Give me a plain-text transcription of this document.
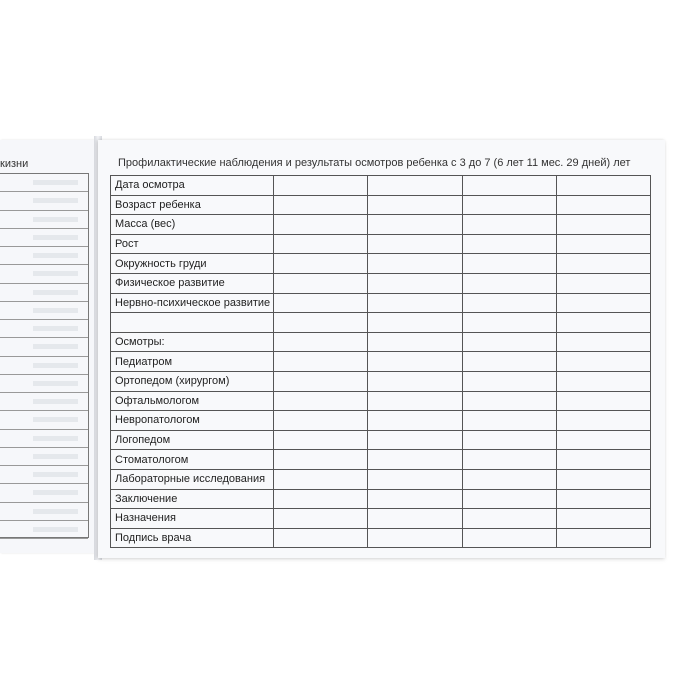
кизни	Профилактические наблюдения и результаты осмотров ребенка с 3 до 7 (6 лет 11 мес. 29 дней) лет
Дата осмотра				
Возраст ребенка				
Масса (вес)				
Рост				
Окружность груди				
Физическое развитие				
Нервно-психическое развитие				

Осмотры:				
Педиатром				
Ортопедом (хирургом)				
Офтальмологом				
Невропатологом				
Логопедом				
Стоматологом				
Лабораторные исследования				
Заключение				
Назначения				
Подпись врача				
